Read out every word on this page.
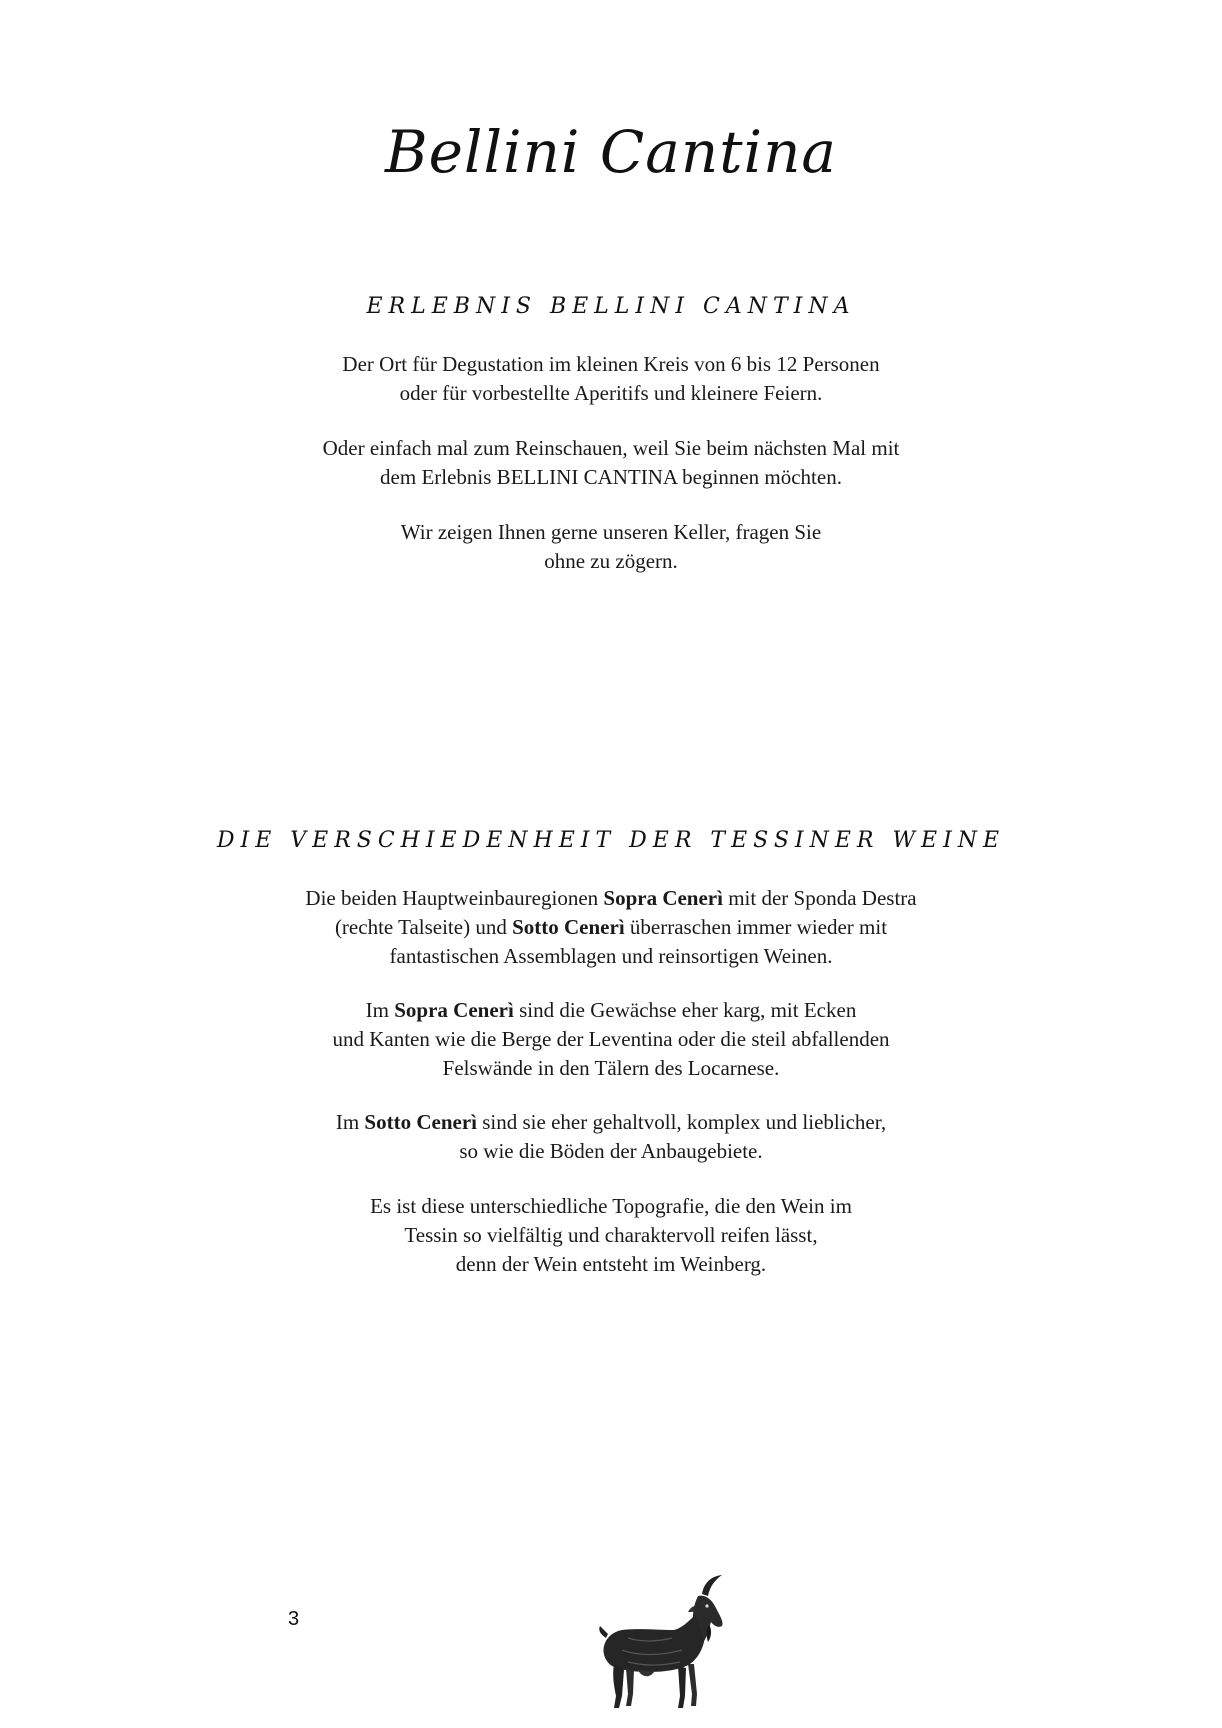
Bellini Cantina
ERLEBNIS BELLINI CANTINA

Der Ort für Degustation im kleinen Kreis von 6 bis 12 Personen
oder für vorbestellte Aperitifs und kleinere Feiern.

Oder einfach mal zum Reinschauen, weil Sie beim nächsten Mal mit
dem Erlebnis BELLINI CANTINA beginnen möchten.

Wir zeigen Ihnen gerne unseren Keller, fragen Sie
ohne zu zögern.

DIE VERSCHIEDENHEIT DER TESSINER WEINE

Die beiden Hauptweinbauregionen Sopra Cenerì mit der Sponda Destra
(rechte Talseite) und Sotto Cenerì überraschen immer wieder mit
fantastischen Assemblagen und reinsortigen Weinen.

Im Sopra Cenerì sind die Gewächse eher karg, mit Ecken
und Kanten wie die Berge der Leventina oder die steil abfallenden
Felswände in den Tälern des Locarnese.

Im Sotto Cenerì sind sie eher gehaltvoll, komplex und lieblicher,
so wie die Böden der Anbaugebiete.

Es ist diese unterschiedliche Topografie, die den Wein im
Tessin so vielfältig und charaktervoll reifen lässt,
denn der Wein entsteht im Weinberg.

3
